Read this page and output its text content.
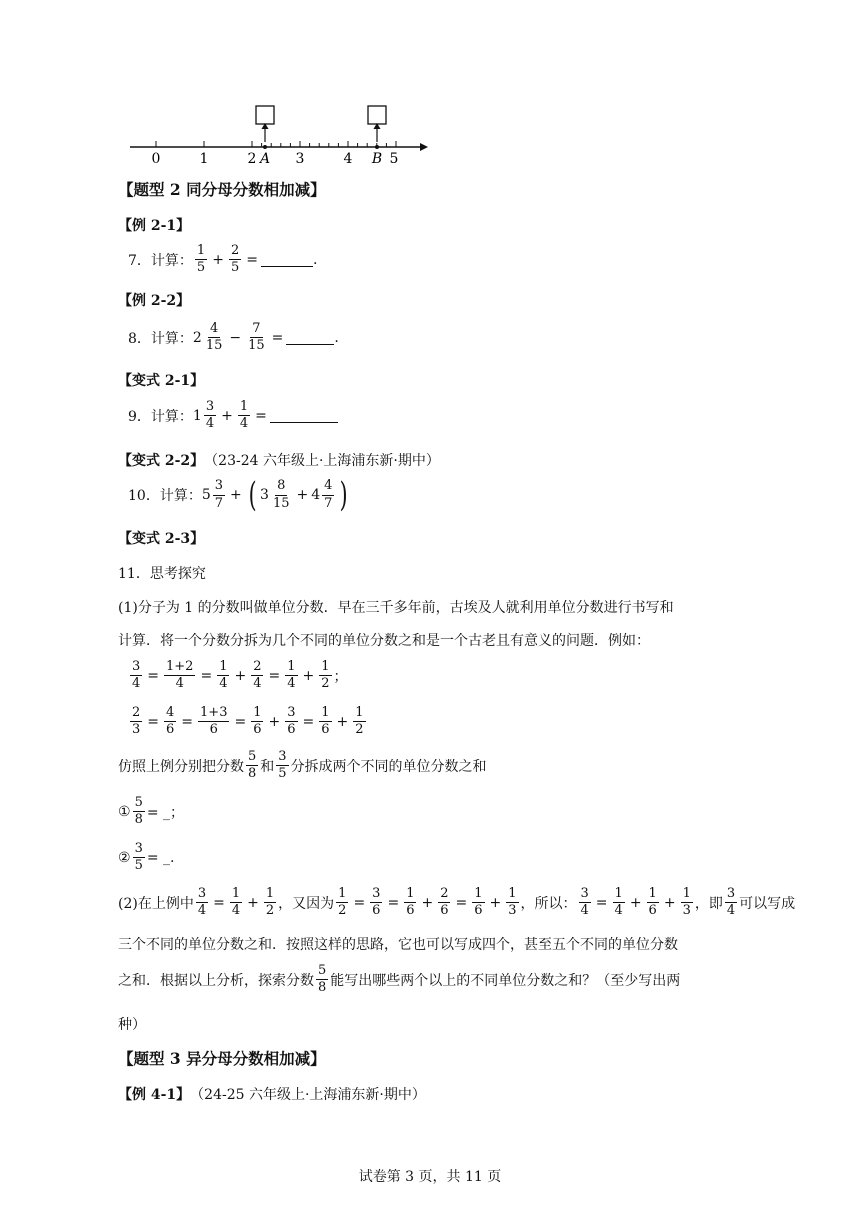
0	1	2	3	4	5
A	B
【题型 2 同分母分数相加减】
【例 2-1】
7．计算： $\frac{1}{5} + \frac{2}{5}$ =	.
【例 2-2】
8．计算： $2 \frac{4}{15} - \frac{7}{15}$ =	.
【变式 2-1】
9．计算： $1 \frac{3}{4} + \frac{1}{4}$ =
【变式 2-2】 （23-24 六年级上·上海浦东新·期中）
10．计算： $5 \frac{3}{7}$ + ( $3 \frac{8}{15} + 4 \frac{4}{7}$ )
【变式 2-3】
11．思考探究
(1)分子为 1 的分数叫做单位分数．早在三千多年前，古埃及人就利用单位分数进行书写和
计算．将一个分数分拆为几个不同的单位分数之和是一个古老且有意义的问题．例如：
$\frac{3}{4} = \frac{1+2}{4} = \frac{1}{4} + \frac{2}{4} = \frac{1}{4} + \frac{1}{2}$ ；
$\frac{2}{3} = \frac{4}{6} = \frac{1+3}{6} = \frac{1}{6} + \frac{3}{6} = \frac{1}{6} + \frac{1}{2}$
仿照上例分别把分数 $\frac{5}{8}$ 和 $\frac{3}{5}$ 分拆成两个不同的单位分数之和
① $\frac{5}{8}$ = _；
② $\frac{3}{5}$ = _.
(2)在上例中 $\frac{3}{4} = \frac{1}{4} + \frac{1}{2}$ ，又因为 $\frac{1}{2} = \frac{3}{6} = \frac{1}{6} + \frac{2}{6} = \frac{1}{6} + \frac{1}{3}$ ，所以： $\frac{3}{4} = \frac{1}{4} + \frac{1}{6} + \frac{1}{3}$ ，即 $\frac{3}{4}$ 可以写成
三个不同的单位分数之和．按照这样的思路，它也可以写成四个，甚至五个不同的单位分数
之和．根据以上分析，探索分数 $\frac{5}{8}$ 能写出哪些两个以上的不同单位分数之和？（至少写出两
种）
【题型 3 异分母分数相加减】
【例 4-1】 （24-25 六年级上·上海浦东新·期中）
试卷第 3 页，共 11 页
